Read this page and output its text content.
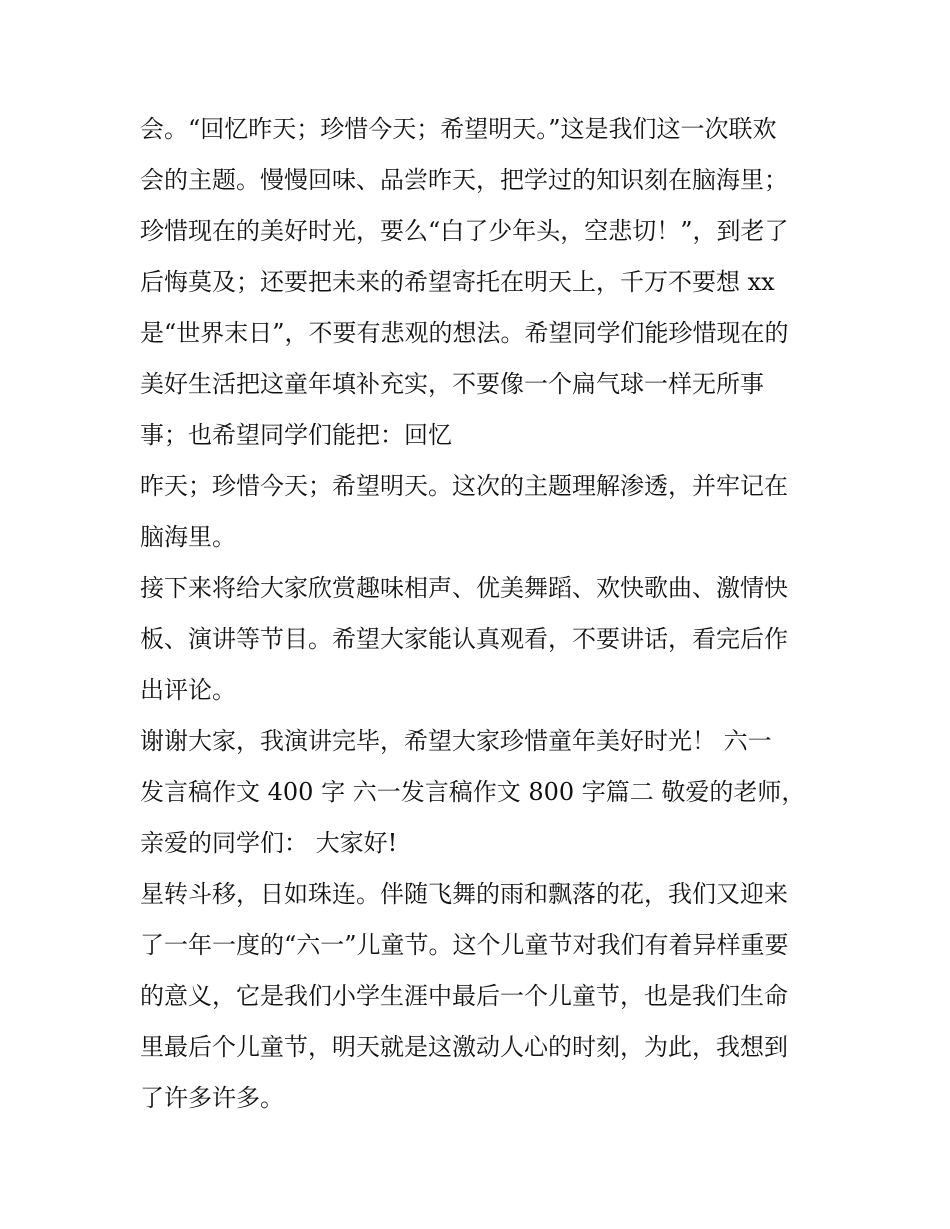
会。“回忆昨天；珍惜今天；希望明天。”这是我们这一次联欢
会的主题。慢慢回味、品尝昨天，把学过的知识刻在脑海里；
珍惜现在的美好时光，要么“白了少年头，空悲切！”，到老了
后悔莫及；还要把未来的希望寄托在明天上，千万不要想 xx
是“世界末日”，不要有悲观的想法。希望同学们能珍惜现在的
美好生活把这童年填补充实，不要像一个扁气球一样无所事
事；也希望同学们能把：回忆
昨天；珍惜今天；希望明天。这次的主题理解渗透，并牢记在
脑海里。
接下来将给大家欣赏趣味相声、优美舞蹈、欢快歌曲、激情快
板、演讲等节目。希望大家能认真观看，不要讲话，看完后作
出评论。
谢谢大家，我演讲完毕，希望大家珍惜童年美好时光！ 六一
发言稿作文 400 字 六一发言稿作文 800 字篇二 敬爱的老师，
亲爱的同学们： 大家好!
星转斗移，日如珠连。伴随飞舞的雨和飘落的花，我们又迎来
了一年一度的“六一”儿童节。这个儿童节对我们有着异样重要
的意义，它是我们小学生涯中最后一个儿童节，也是我们生命
里最后个儿童节，明天就是这激动人心的时刻，为此，我想到
了许多许多。
